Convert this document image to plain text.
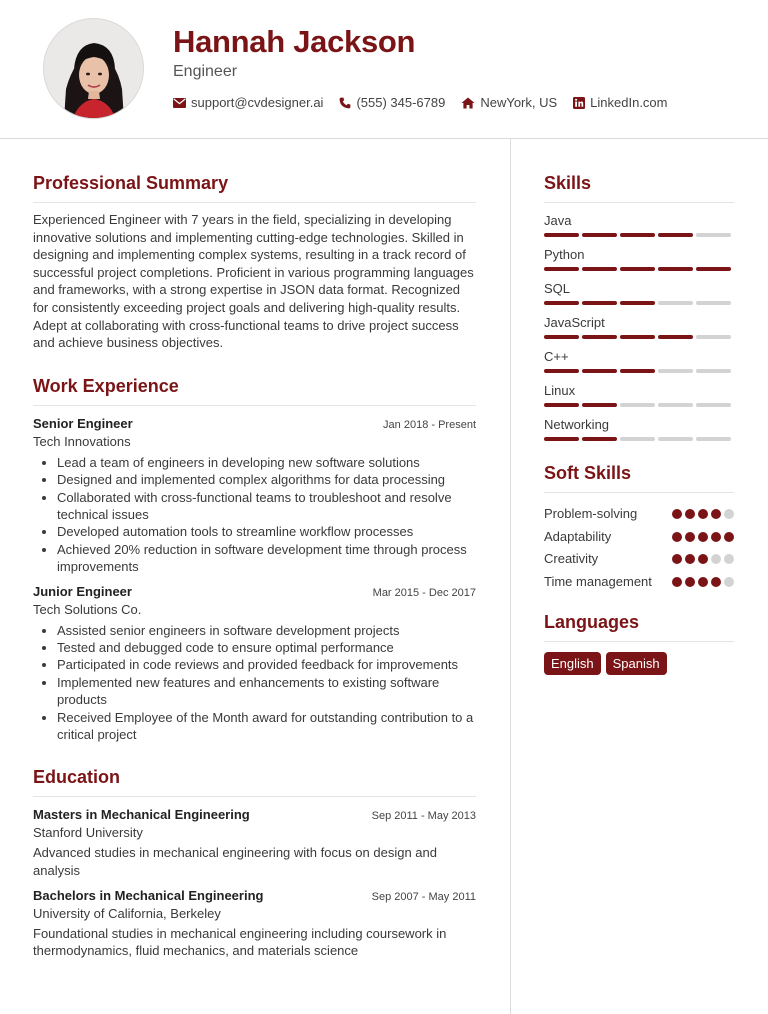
Hannah Jackson
Engineer
support@cvdesigner.ai	(555) 345-6789	NewYork, US	LinkedIn.com
Professional Summary

Experienced Engineer with 7 years in the field, specializing in developing innovative solutions and implementing cutting-edge technologies. Skilled in designing and implementing complex systems, resulting in a track record of successful project completions. Proficient in various programming languages and frameworks, with a strong expertise in JSON data format. Recognized for consistently exceeding project goals and delivering high-quality results. Adept at collaborating with cross-functional teams to drive project success and achieve business objectives.

Work Experience
Senior Engineer	Jan 2018 - Present
Tech Innovations
• Lead a team of engineers in developing new software solutions
• Designed and implemented complex algorithms for data processing
• Collaborated with cross-functional teams to troubleshoot and resolve technical issues
• Developed automation tools to streamline workflow processes
• Achieved 20% reduction in software development time through process improvements
Junior Engineer	Mar 2015 - Dec 2017
Tech Solutions Co.
• Assisted senior engineers in software development projects
• Tested and debugged code to ensure optimal performance
• Participated in code reviews and provided feedback for improvements
• Implemented new features and enhancements to existing software products
• Received Employee of the Month award for outstanding contribution to a critical project
Education
Masters in Mechanical Engineering	Sep 2011 - May 2013
Stanford University

Advanced studies in mechanical engineering with focus on design and analysis

Bachelors in Mechanical Engineering	Sep 2007 - May 2011
University of California, Berkeley

Foundational studies in mechanical engineering including coursework in thermodynamics, fluid mechanics, and materials science

Skills
Java
Python
SQL
JavaScript
C++
Linux
Networking
Soft Skills
Problem-solving
Adaptability
Creativity
Time management
Languages
English	Spanish
